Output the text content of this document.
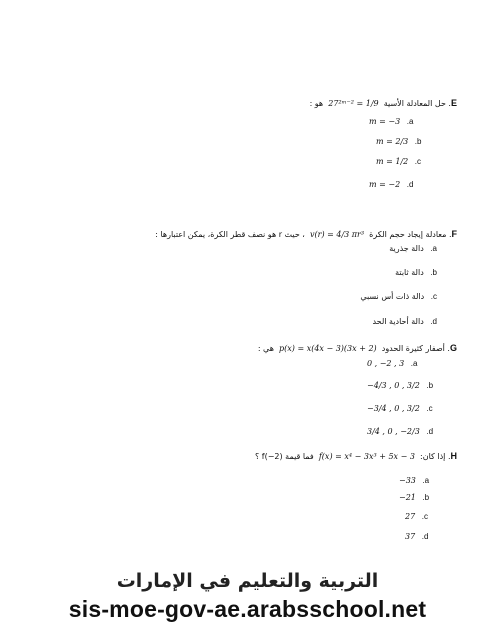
E. حل المعادلة الأسية  27²ᵐ⁻² = 1/9  هو :
m = −3 .a
m = 2/3 .b
m = 1/2 .c
m = −2 .d
F. معادلة إيجاد حجم الكرة  v(r) = 4/3 πr³  ، حيث r هو نصف قطر الكرة، يمكن اعتبارها :
دالة جذرية .a
دالة ثابتة .b
دالة ذات أس نسبي .c
دالة أحادية الحد .d
G. أصفار كثيرة الحدود  p(x) = x(4x − 3)(3x + 2)  هي :
0 , −2 , 3 .a
−4/3 , 0 , 3/2 .b
−3/4 , 0 , 3/2 .c
3/4 , 0 , −2/3 .d
H. إذا كان:  f(x) = x⁴ − 3x³ + 5x − 3  فما قيمة f(−2) ؟
−33 .a
−21 .b
27 .c
37 .d
التربية والتعليم في الإمارات
sis-moe-gov-ae.arabsschool.net
